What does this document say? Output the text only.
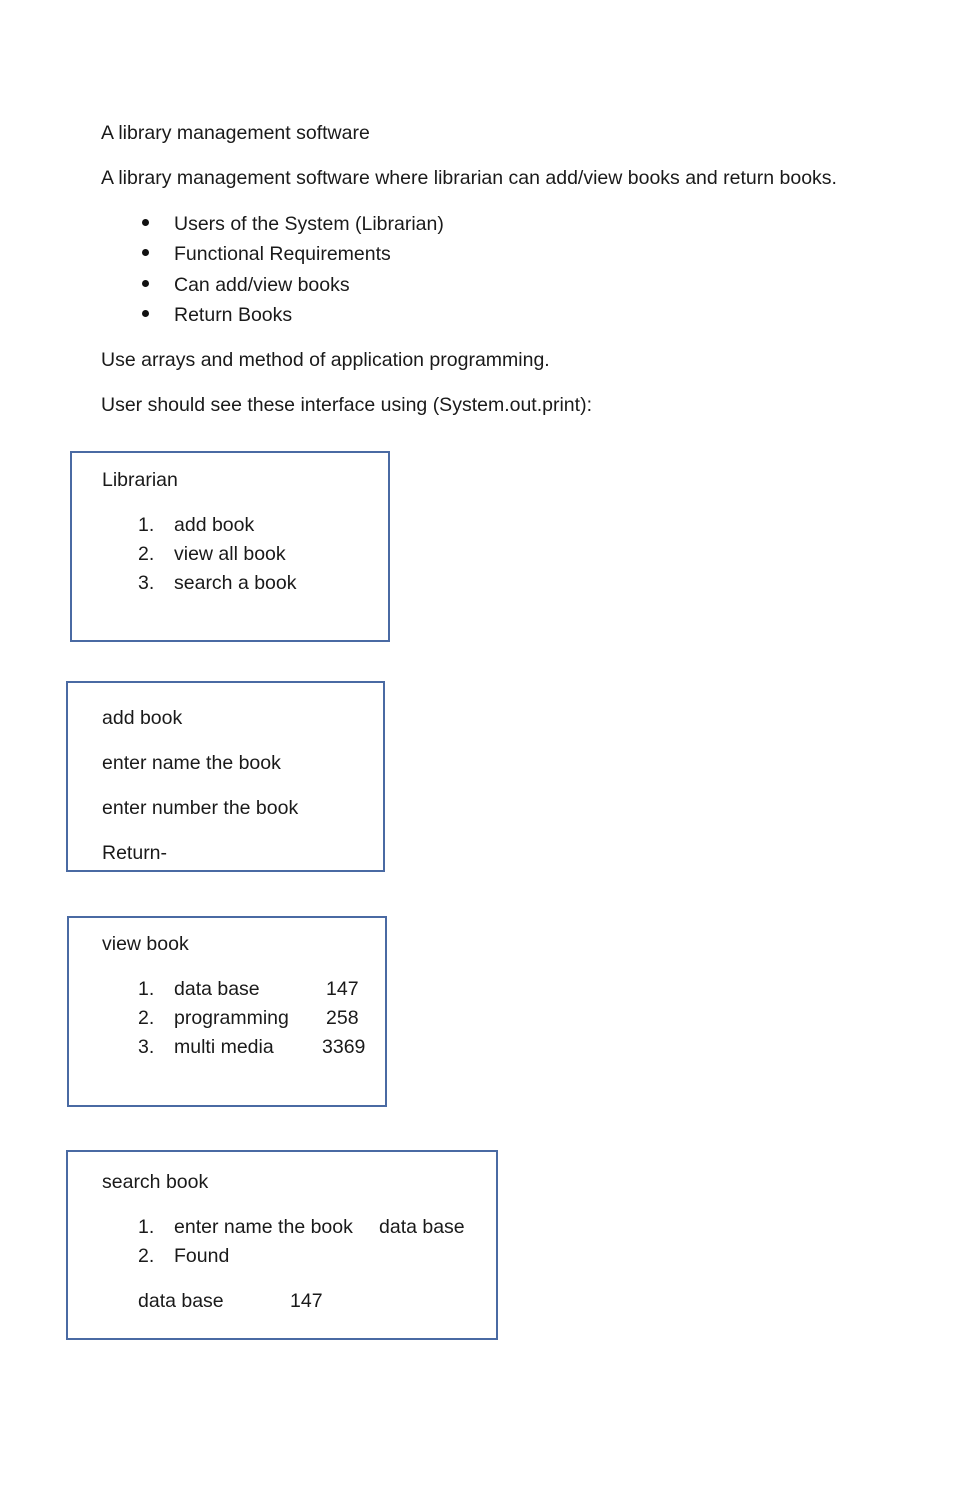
A library management software
A library management software where librarian can add/view books and return books.
Users of the System (Librarian)
Functional Requirements
Can add/view books
Return Books
Use arrays and method of application programming.
User should see these interface using (System.out.print):
Librarian
1. add book
2. view all book
3. search a book
add book
enter name the book
enter number the book
Return-
view book
1. data base	147
2. programming 258
3. multi media 3369
search book
1. enter name the book data base
2. Found
data base	147
